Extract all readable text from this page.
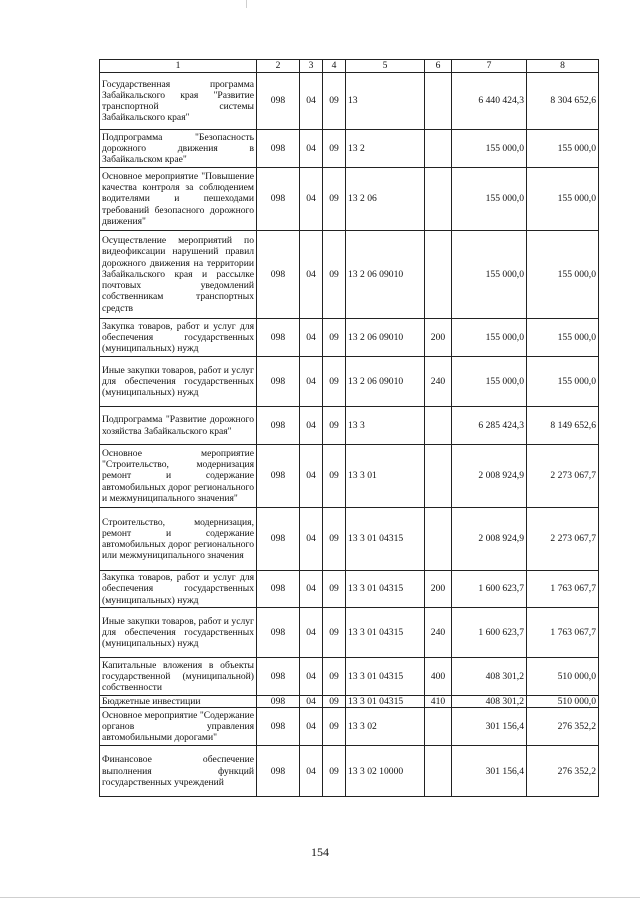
1	2	3	4	5	6	7	8
Государственная программа Забайкальского края "Развитие транспортной системы Забайкальского края"	098	04	09	13		6 440 424,3	8 304 652,6
Подпрограмма "Безопасность дорожного движения в Забайкальском крае"	098	04	09	13 2		155 000,0	155 000,0
Основное мероприятие "Повышение качества контроля за соблюдением водителями и пешеходами требований безопасного дорожного движения"	098	04	09	13 2 06		155 000,0	155 000,0
Осуществление мероприятий по видеофиксации нарушений правил дорожного движения на территории Забайкальского края и рассылке почтовых уведомлений собственникам транспортных средств	098	04	09	13 2 06 09010		155 000,0	155 000,0
Закупка товаров, работ и услуг для обеспечения государственных (муниципальных) нужд	098	04	09	13 2 06 09010	200	155 000,0	155 000,0
Иные закупки товаров, работ и услуг для обеспечения государственных (муниципальных) нужд	098	04	09	13 2 06 09010	240	155 000,0	155 000,0
Подпрограмма "Развитие дорожного хозяйства Забайкальского края"	098	04	09	13 3		6 285 424,3	8 149 652,6
Основное мероприятие "Строительство, модернизация ремонт и содержание автомобильных дорог регионального и межмуниципального значения"	098	04	09	13 3 01		2 008 924,9	2 273 067,7
Строительство, модернизация, ремонт и содержание автомобильных дорог регионального или межмуниципального значения	098	04	09	13 3 01 04315		2 008 924,9	2 273 067,7
Закупка товаров, работ и услуг для обеспечения государственных (муниципальных) нужд	098	04	09	13 3 01 04315	200	1 600 623,7	1 763 067,7
Иные закупки товаров, работ и услуг для обеспечения государственных (муниципальных) нужд	098	04	09	13 3 01 04315	240	1 600 623,7	1 763 067,7
Капитальные вложения в объекты государственной (муниципальной) собственности	098	04	09	13 3 01 04315	400	408 301,2	510 000,0
Бюджетные инвестиции	098	04	09	13 3 01 04315	410	408 301,2	510 000,0
Основное мероприятие "Содержание органов управления автомобильными дорогами"	098	04	09	13 3 02		301 156,4	276 352,2
Финансовое обеспечение выполнения функций государственных учреждений	098	04	09	13 3 02 10000		301 156,4	276 352,2
154
